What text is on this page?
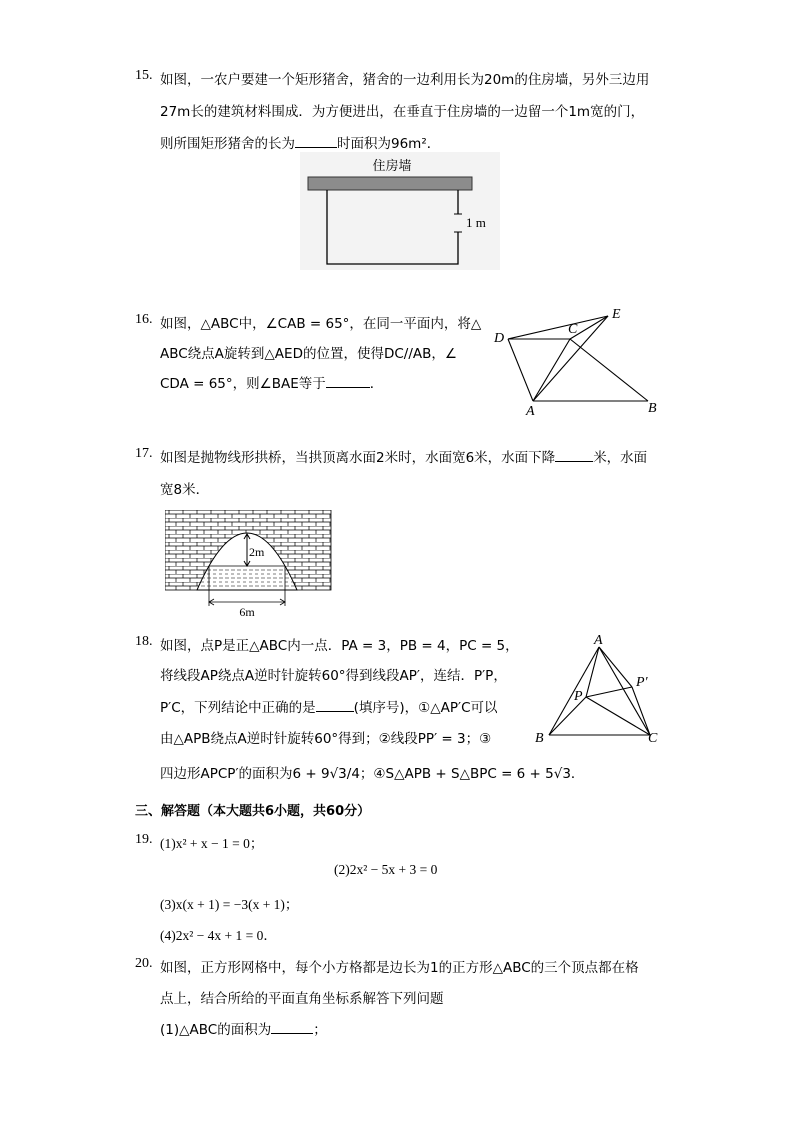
15. 如图，一农户要建一个矩形猪舍，猪舍的一边利用长为20m的住房墙，另外三边用
27m长的建筑材料围成．为方便进出，在垂直于住房墙的一边留一个1m宽的门，
则所围矩形猪舍的长为	时面积为96m²．
住房墙
1 m
16. 如图，△ABC中，∠CAB = 65°，在同一平面内，将△
ABC绕点A旋转到△AED的位置，使得DC//AB，∠
CDA = 65°，则∠BAE等于	．
D
C
E
A	B
17. 如图是抛物线形拱桥，当拱顶离水面2米时，水面宽6米，水面下降	米，水面
宽8米．
2m
6m
18. 如图，点P是正△ABC内一点．PA = 3，PB = 4，PC = 5，
将线段AP绕点A逆时针旋转60°得到线段AP′，连结．P′P，
P′C，下列结论中正确的是	(填序号)，①△AP′C可以
由△APB绕点A逆时针旋转60°得到；②线段PP′ = 3；③
四边形APCP′的面积为6 + 9√3/4；④S△APB + S△BPC = 6 + 5√3．
A
P
P′
B	C
三、解答题（本大题共6小题，共60分）
19. (1)x² + x − 1 = 0；
(2)2x² − 5x + 3 = 0
(3)x(x + 1) = −3(x + 1)；
(4)2x² − 4x + 1 = 0．
20. 如图，正方形网格中，每个小方格都是边长为1的正方形△ABC的三个顶点都在格
点上，结合所给的平面直角坐标系解答下列问题
(1)△ABC的面积为	；
